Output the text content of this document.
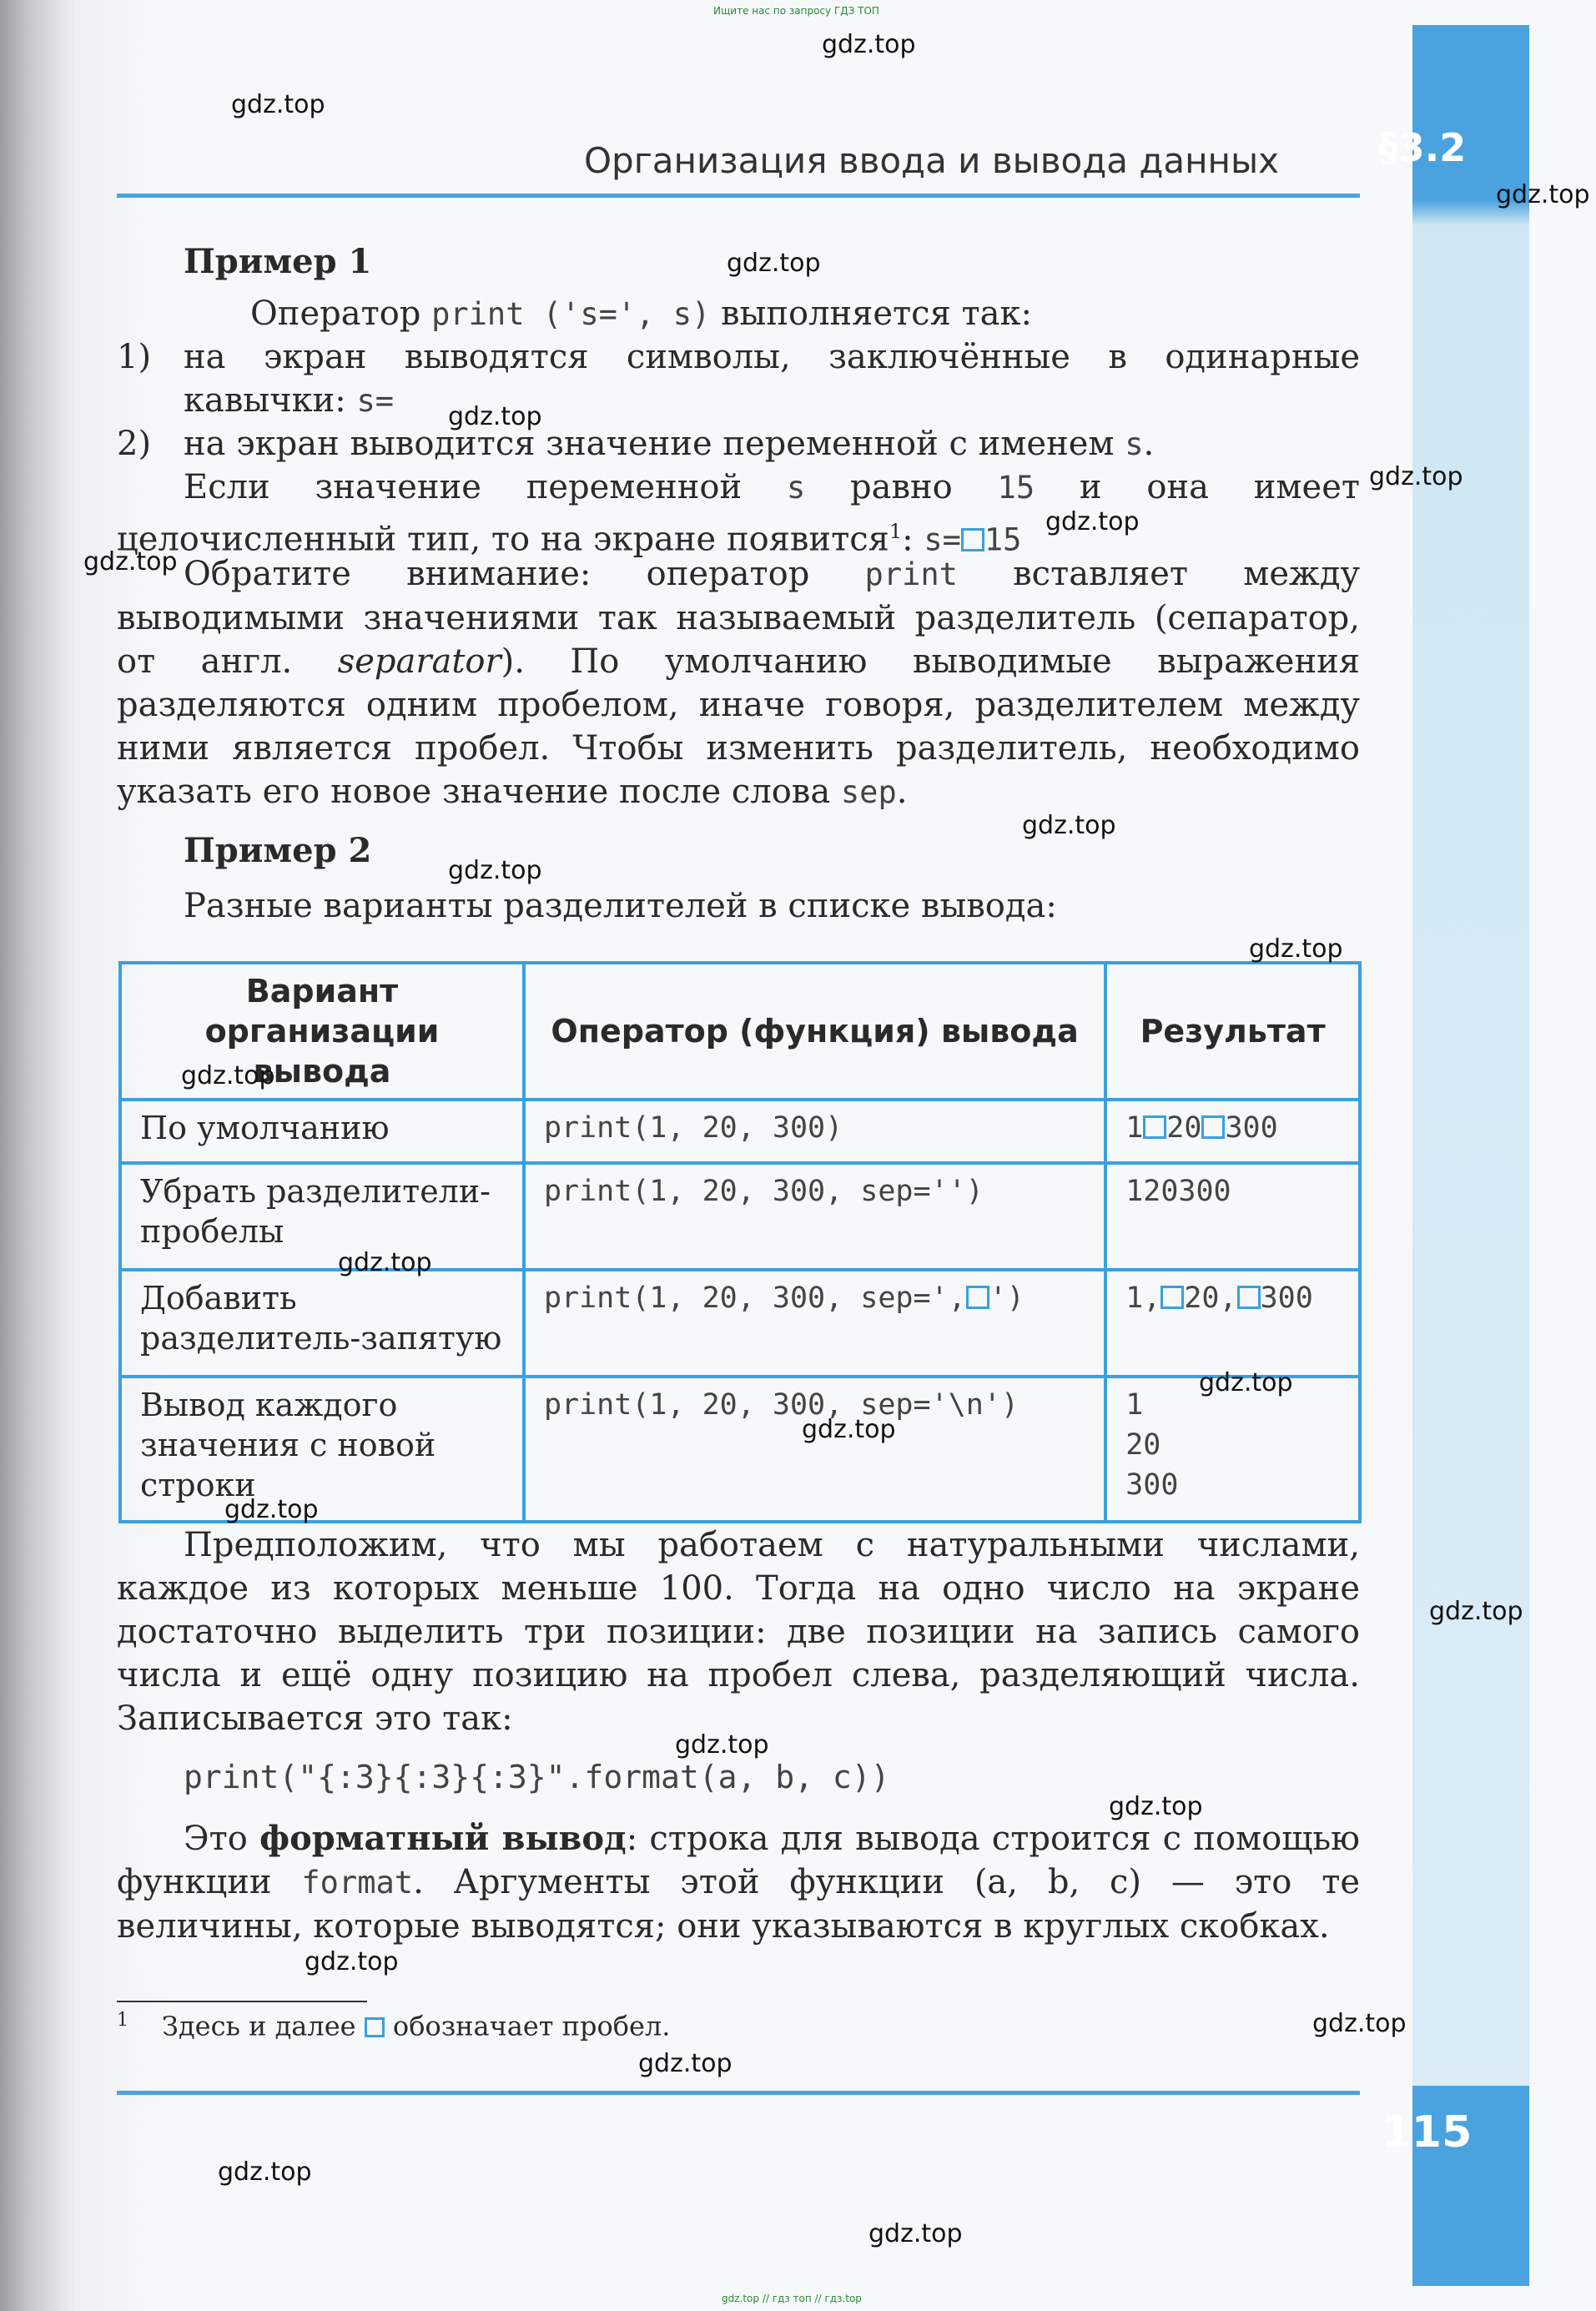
Ищите нас по запросу ГДЗ ТОП
gdz.top // гдз топ // гдз.top
§3.2
Организация ввода и вывода данных
Пример 1
Оператор print ('s=', s) выполняется так:
1) на экран выводятся символы, заключённые в одинарные кавычки: s=
2) на экран выводится значение переменной с именем s.
Если значение переменной s равно 15 и она имеет целочисленный тип, то на экране появится$^1$: s= 15
Обратите внимание: оператор print вставляет между выводимыми значениями так называемый разделитель (сепаратор, от англ. separator). По умолчанию выводимые выражения разделяются одним пробелом, иначе говоря, разделителем между ними является пробел. Чтобы изменить разделитель, необходимо указать его новое значение после слова sep.
Пример 2
Разные варианты разделителей в списке вывода:
Вариант организации вывода	Оператор (функция) вывода	Результат
По умолчанию	print(1, 20, 300)	1 20 300
Убрать разделители-пробелы	print(1, 20, 300, sep='')	120300
Добавить разделитель-запятую	print(1, 20, 300, sep=', ')	1, 20, 300
Вывод каждого значения с новой строки	print(1, 20, 300, sep='\n')	1
20
300
Предположим, что мы работаем с натуральными числами, каждое из которых меньше 100. Тогда на одно число на экране достаточно выделить три позиции: две позиции на запись самого числа и ещё одну позицию на пробел слева, разделяющий числа. Записывается это так:
print("{:3}{:3}{:3}".format(a, b, c))
Это форматный вывод: строка для вывода строится с помощью функции format. Аргументы этой функции (a, b, c) — это те величины, которые выводятся; они указываются в круглых скобках.
$^1$ Здесь и далее  обозначает пробел.
115
gdz.top
gdz.top
gdz.top
gdz.top
gdz.top
gdz.top
gdz.top
gdz.top
gdz.top
gdz.top
gdz.top
gdz.top
gdz.top
gdz.top
gdz.top
gdz.top
gdz.top
gdz.top
gdz.top
gdz.top
gdz.top
gdz.top
gdz.top
gdz.top
